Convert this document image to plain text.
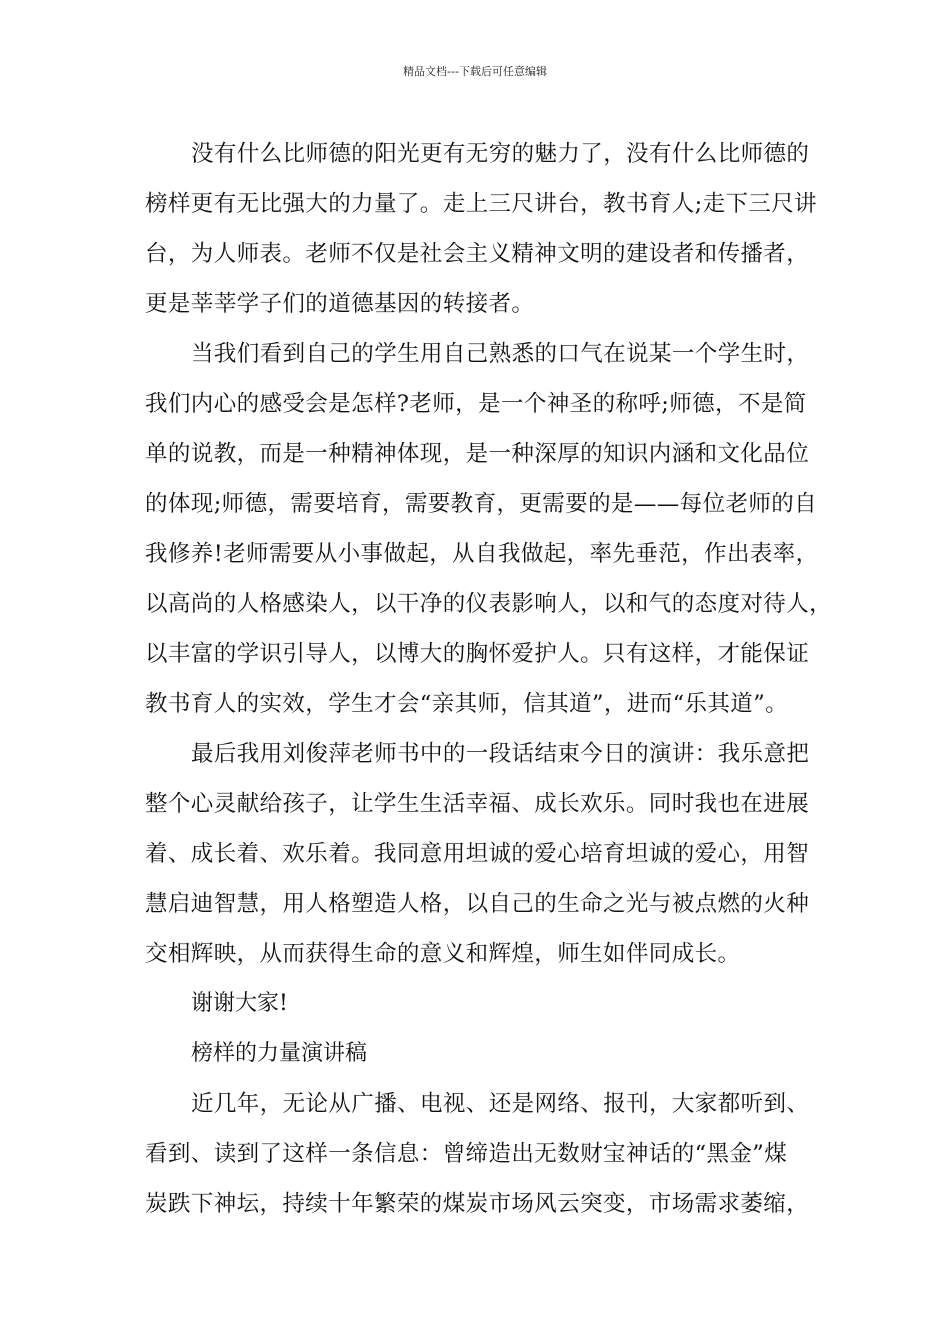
精品文档---下载后可任意编辑
没有什么比师德的阳光更有无穷的魅力了，没有什么比师德的
榜样更有无比强大的力量了。走上三尺讲台，教书育人;走下三尺讲
台，为人师表。老师不仅是社会主义精神文明的建设者和传播者，
更是莘莘学子们的道德基因的转接者。
当我们看到自己的学生用自己熟悉的口气在说某一个学生时，
我们内心的感受会是怎样?老师，是一个神圣的称呼;师德，不是简
单的说教，而是一种精神体现，是一种深厚的知识内涵和文化品位
的体现;师德，需要培育，需要教育，更需要的是——每位老师的自
我修养!老师需要从小事做起，从自我做起，率先垂范，作出表率，
以高尚的人格感染人，以干净的仪表影响人，以和气的态度对待人，
以丰富的学识引导人，以博大的胸怀爱护人。只有这样，才能保证
教书育人的实效，学生才会“亲其师，信其道”，进而“乐其道”。
最后我用刘俊萍老师书中的一段话结束今日的演讲：我乐意把
整个心灵献给孩子，让学生生活幸福、成长欢乐。同时我也在进展
着、成长着、欢乐着。我同意用坦诚的爱心培育坦诚的爱心，用智
慧启迪智慧，用人格塑造人格，以自己的生命之光与被点燃的火种
交相辉映，从而获得生命的意义和辉煌，师生如伴同成长。

谢谢大家!

榜样的力量演讲稿

近几年，无论从广播、电视、还是网络、报刊，大家都听到、
看到、读到了这样一条信息：曾缔造出无数财宝神话的“黑金”煤
炭跌下神坛，持续十年繁荣的煤炭市场风云突变，市场需求萎缩，
